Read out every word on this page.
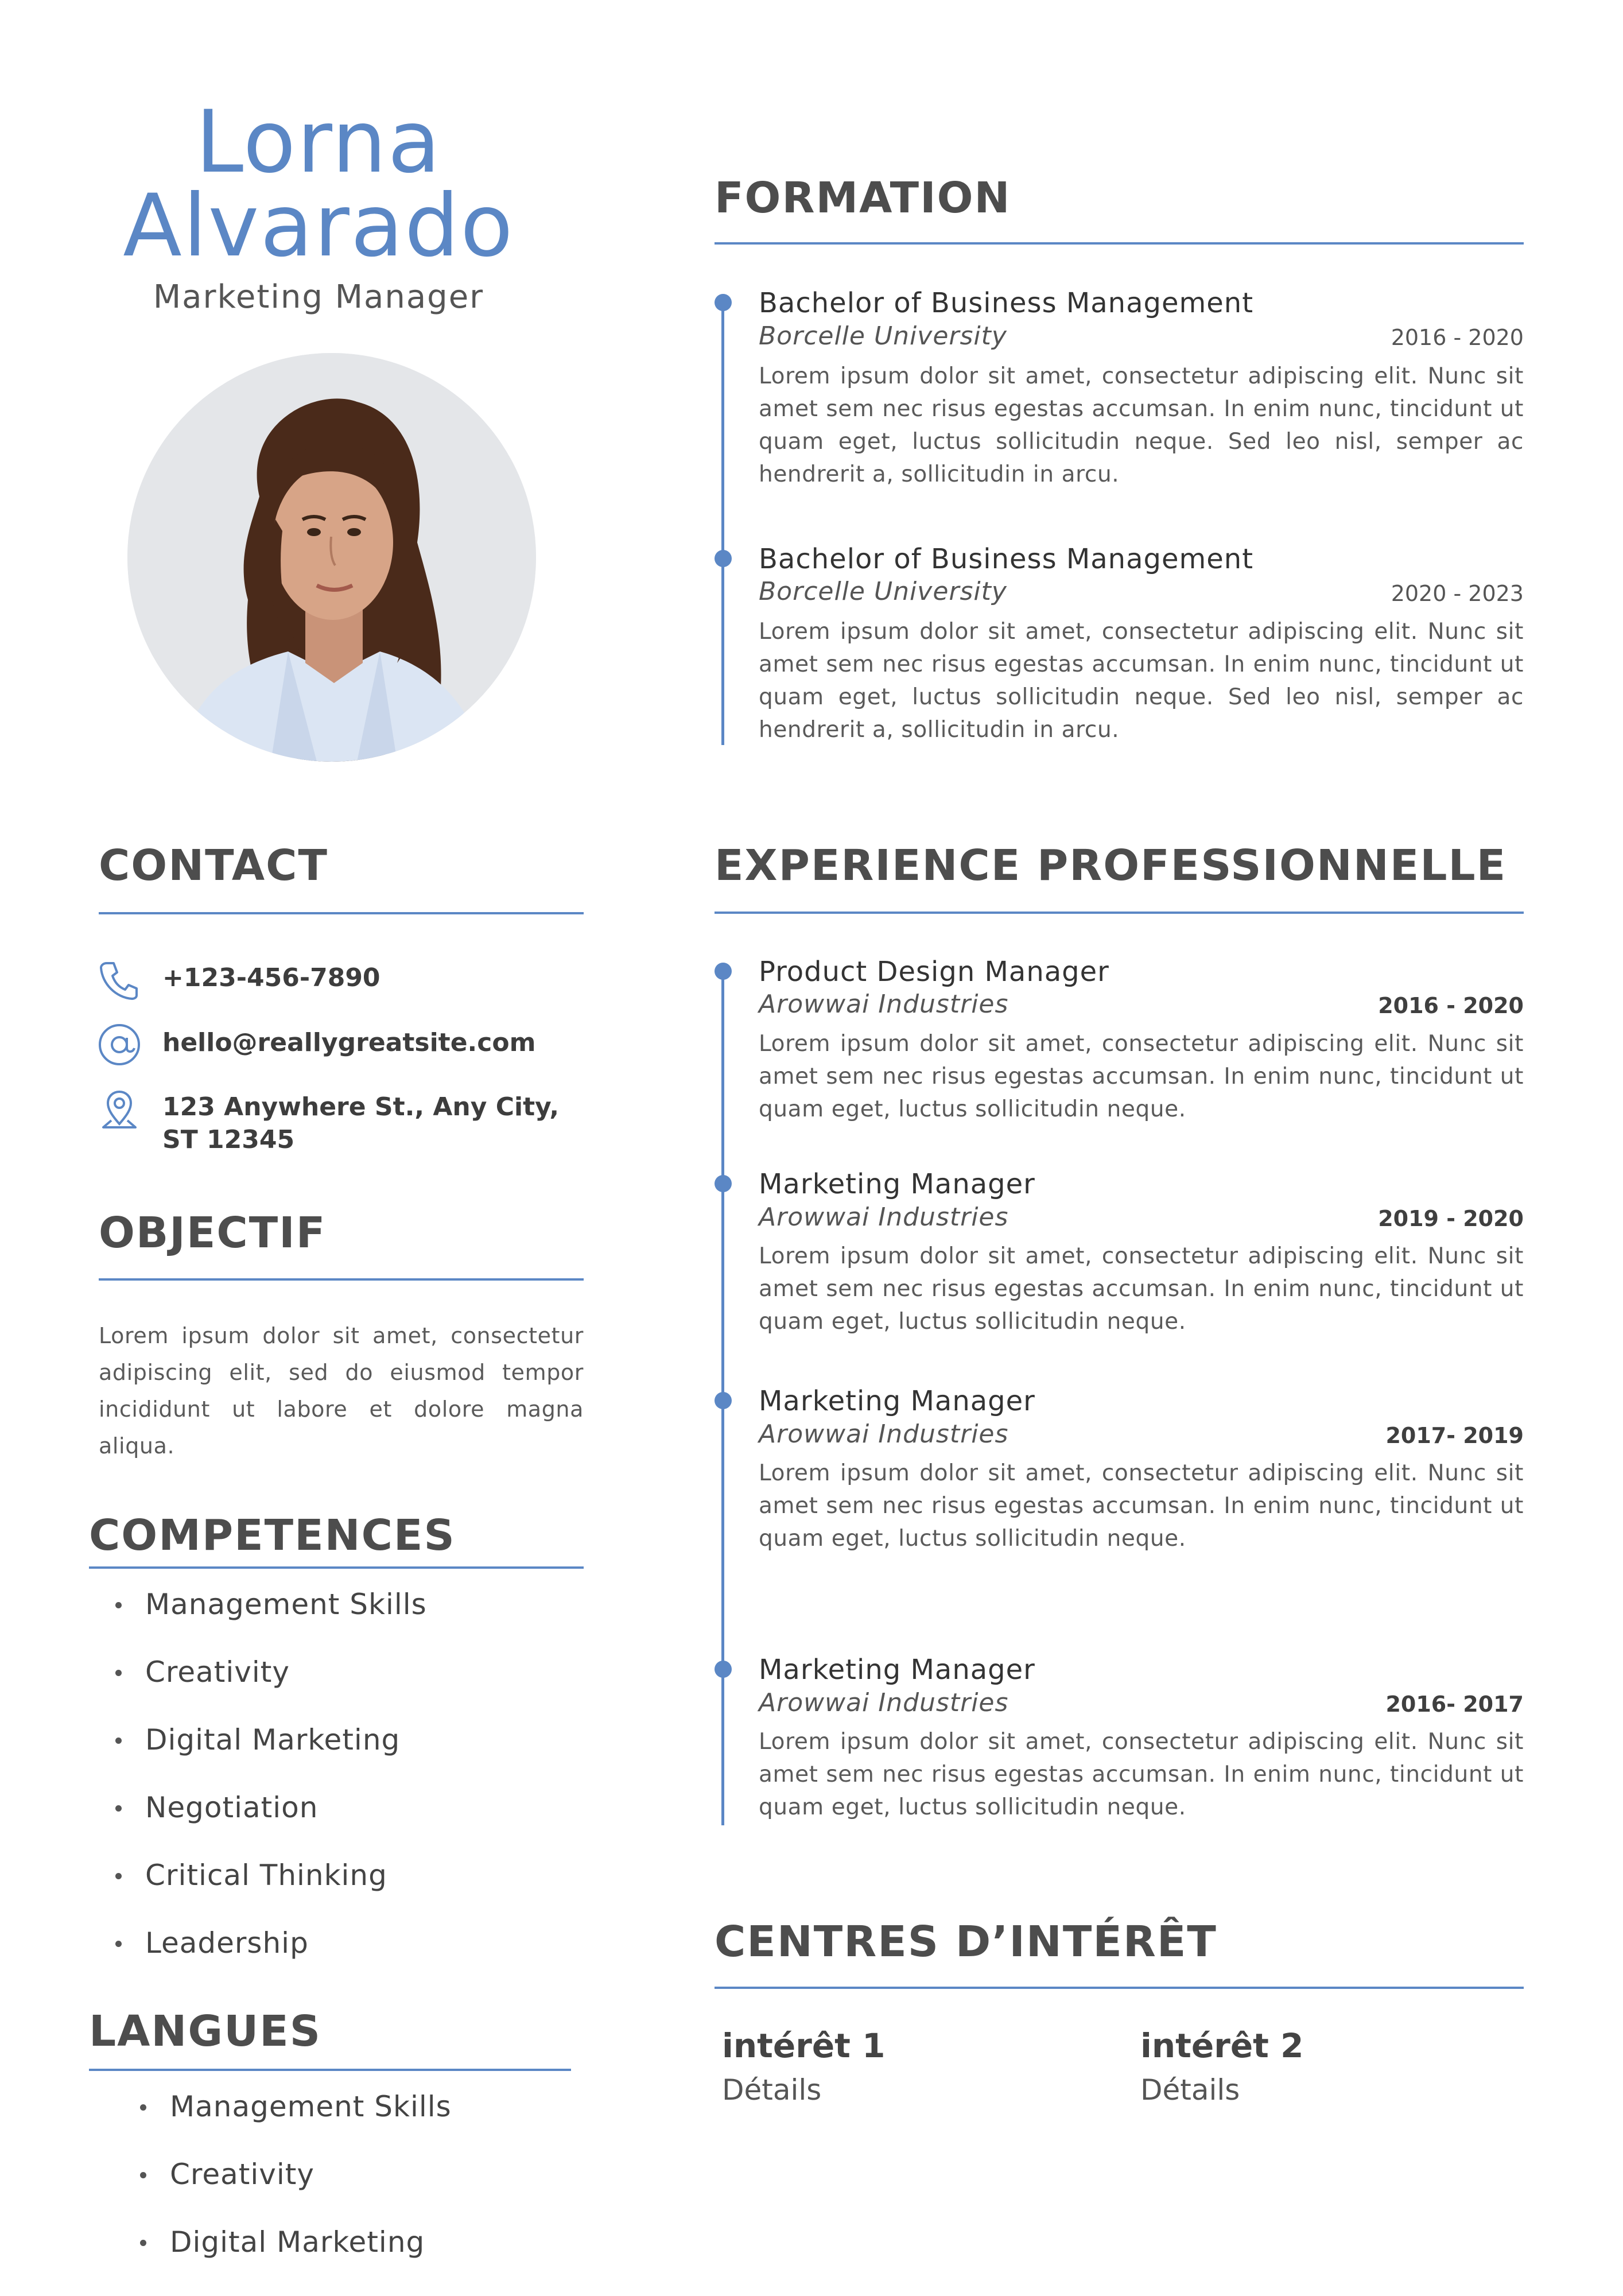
Lorna
Alvarado
Marketing Manager
CONTACT
+123-456-7890
hello@reallygreatsite.com
123 Anywhere St., Any City, ST 12345
OBJECTIF
Lorem ipsum dolor sit amet, consectetur adipiscing elit, sed do eiusmod tempor incididunt ut labore et dolore magna aliqua.
COMPETENCES
Management Skills
Creativity
Digital Marketing
Negotiation
Critical Thinking
Leadership
LANGUES
Management Skills
Creativity
Digital Marketing
FORMATION
Bachelor of Business Management
Borcelle University	2016 - 2020
Lorem ipsum dolor sit amet, consectetur adipiscing elit. Nunc sit amet sem nec risus egestas accumsan. In enim nunc, tincidunt ut quam eget, luctus sollicitudin neque. Sed leo nisl, semper ac hendrerit a, sollicitudin in arcu.
Bachelor of Business Management
Borcelle University	2020 - 2023
Lorem ipsum dolor sit amet, consectetur adipiscing elit. Nunc sit amet sem nec risus egestas accumsan. In enim nunc, tincidunt ut quam eget, luctus sollicitudin neque. Sed leo nisl, semper ac hendrerit a, sollicitudin in arcu.
EXPERIENCE PROFESSIONNELLE
Product Design Manager
Arowwai Industries	2016 - 2020
Lorem ipsum dolor sit amet, consectetur adipiscing elit. Nunc sit amet sem nec risus egestas accumsan. In enim nunc, tincidunt ut quam eget, luctus sollicitudin neque.
Marketing Manager
Arowwai Industries	2019 - 2020
Lorem ipsum dolor sit amet, consectetur adipiscing elit. Nunc sit amet sem nec risus egestas accumsan. In enim nunc, tincidunt ut quam eget, luctus sollicitudin neque.
Marketing Manager
Arowwai Industries	2017- 2019
Lorem ipsum dolor sit amet, consectetur adipiscing elit. Nunc sit amet sem nec risus egestas accumsan. In enim nunc, tincidunt ut quam eget, luctus sollicitudin neque.
Marketing Manager
Arowwai Industries	2016- 2017
Lorem ipsum dolor sit amet, consectetur adipiscing elit. Nunc sit amet sem nec risus egestas accumsan. In enim nunc, tincidunt ut quam eget, luctus sollicitudin neque.
CENTRES D’INTÉRÊT
intérêt 1
Détails
intérêt 2
Détails
